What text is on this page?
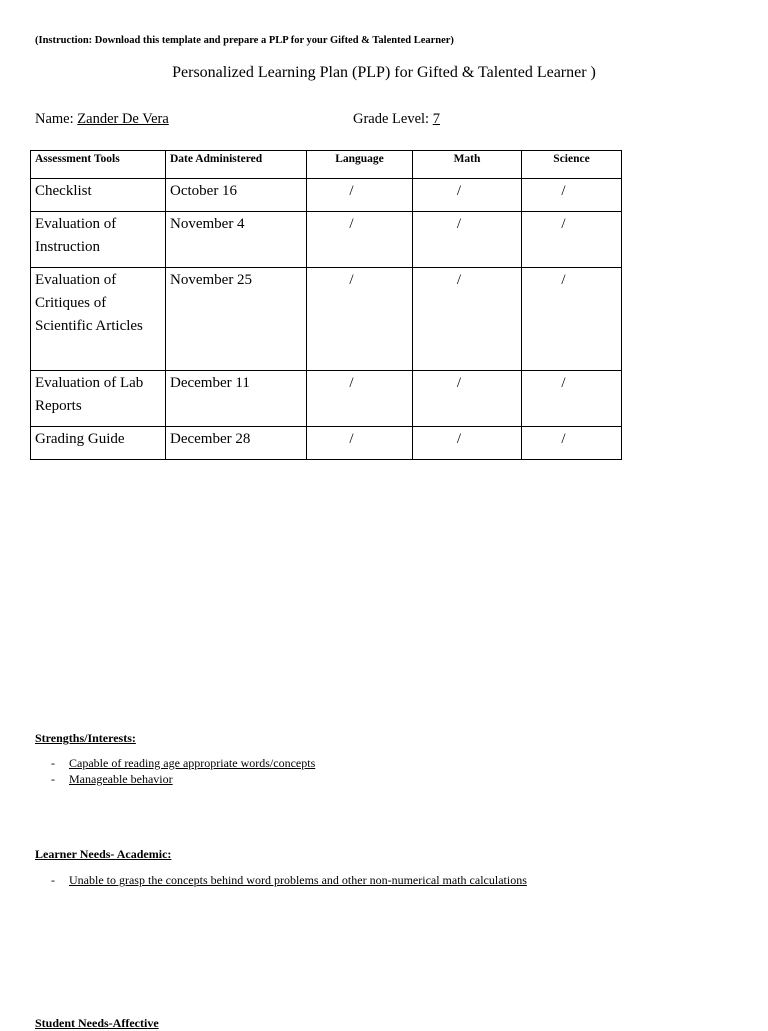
(Instruction: Download this template and prepare a PLP for your Gifted & Talented Learner)
Personalized Learning Plan (PLP) for Gifted & Talented Learner )
Name: Zander De Vera	Grade Level: 7
Assessment Tools	Date Administered	Language	Math	Science
Checklist	October 16	/	/	/
Evaluation of Instruction	November 4	/	/	/
Evaluation of Critiques of Scientific Articles	November 25	/	/	/
Evaluation of Lab Reports	December 11	/	/	/
Grading Guide	December 28	/	/	/
Strengths/Interests:
- Capable of reading age appropriate words/concepts
- Manageable behavior
Learner Needs- Academic:
- Unable to grasp the concepts behind word problems and other non-numerical math calculations
Student Needs-Affective
